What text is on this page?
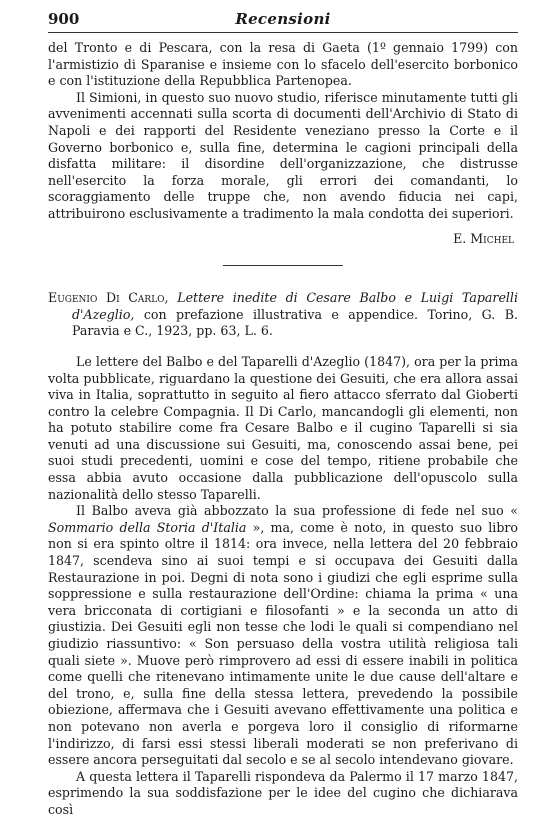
900	Recensioni

del Tronto e di Pescara, con la resa di Gaeta (1º gennaio 1799) con l'armistizio di Sparanise e insieme con lo sfacelo dell'esercito borbonico e con l'istituzione della Repubblica Partenopea.

Il Simioni, in questo suo nuovo studio, riferisce minutamente tutti gli avvenimenti accennati sulla scorta di documenti dell'Archivio di Stato di Napoli e dei rapporti del Residente veneziano presso la Corte e il Governo borbonico e, sulla fine, determina le cagioni principali della disfatta militare: il disordine dell'organizzazione, che distrusse nell'esercito la forza morale, gli errori dei comandanti, lo scoraggiamento delle truppe che, non avendo fiducia nei capi, attribuirono esclusivamente a tradimento la mala condotta dei superiori.

E. Michel

Eugenio Di Carlo, Lettere inedite di Cesare Balbo e Luigi Taparelli d'Azeglio, con prefazione illustrativa e appendice. Torino, G. B. Paravia e C., 1923, pp. 63, L. 6.

Le lettere del Balbo e del Taparelli d'Azeglio (1847), ora per la prima volta pubblicate, riguardano la questione dei Gesuiti, che era allora assai viva in Italia, soprattutto in seguito al fiero attacco sferrato dal Gioberti contro la celebre Compagnia. Il Di Carlo, mancandogli gli elementi, non ha potuto stabilire come fra Cesare Balbo e il cugino Taparelli si sia venuti ad una discussione sui Gesuiti, ma, conoscendo assai bene, pei suoi studi precedenti, uomini e cose del tempo, ritiene probabile che essa abbia avuto occasione dalla pubblicazione dell'opuscolo sulla nazionalità dello stesso Taparelli.

Il Balbo aveva già abbozzato la sua professione di fede nel suo « Sommario della Storia d'Italia », ma, come è noto, in questo suo libro non si era spinto oltre il 1814: ora invece, nella lettera del 20 febbraio 1847, scendeva sino ai suoi tempi e si occupava dei Gesuiti dalla Restaurazione in poi. Degni di nota sono i giudizi che egli esprime sulla soppressione e sulla restaurazione dell'Ordine: chiama la prima « una vera bricconata di cortigiani e filosofanti » e la seconda un atto di giustizia. Dei Gesuiti egli non tesse che lodi le quali si compendiano nel giudizio riassuntivo: « Son persuaso della vostra utilità religiosa tali quali siete ». Muove però rimprovero ad essi di essere inabili in politica come quelli che ritenevano intimamente unite le due cause dell'altare e del trono, e, sulla fine della stessa lettera, prevedendo la possibile obiezione, affermava che i Gesuiti avevano effettivamente una politica e non potevano non averla e porgeva loro il consiglio di riformarne l'indirizzo, di farsi essi stessi liberali moderati se non preferivano di essere ancora perseguitati dal secolo e se al secolo intendevano giovare.

A questa lettera il Taparelli rispondeva da Palermo il 17 marzo 1847, esprimendo la sua soddisfazione per le idee del cugino che dichiarava così
